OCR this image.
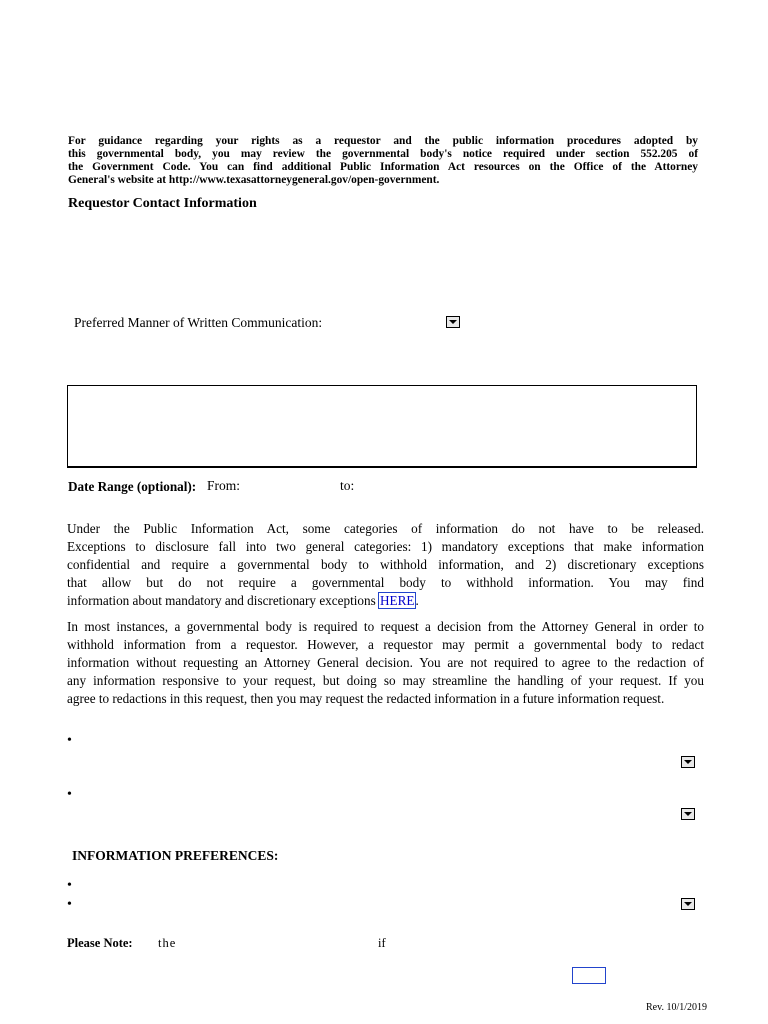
For guidance regarding your rights as a requestor and the public information procedures adopted by
this governmental body, you may review the governmental body's notice required under section 552.205 of
the Government Code. You can find additional Public Information Act resources on the Office of the Attorney
General's website at http://www.texasattorneygeneral.gov/open-government.
Requestor Contact Information
Preferred Manner of Written Communication:
Date Range (optional): From:	to:
Under the Public Information Act, some categories of information do not have to be released.
Exceptions to disclosure fall into two general categories: 1) mandatory exceptions that make information
confidential and require a governmental body to withhold information, and 2) discretionary exceptions
that allow but do not require a governmental body to withhold information. You may find
information about mandatory and discretionary exceptions HERE.
In most instances, a governmental body is required to request a decision from the Attorney General in order to
withhold information from a requestor. However, a requestor may permit a governmental body to redact
information without requesting an Attorney General decision. You are not required to agree to the redaction of
any information responsive to your request, but doing so may streamline the handling of your request. If you
agree to redactions in this request, then you may request the redacted information in a future information request.
•
•
INFORMATION PREFERENCES:
•
•
Please Note: the	if
Rev. 10/1/2019
